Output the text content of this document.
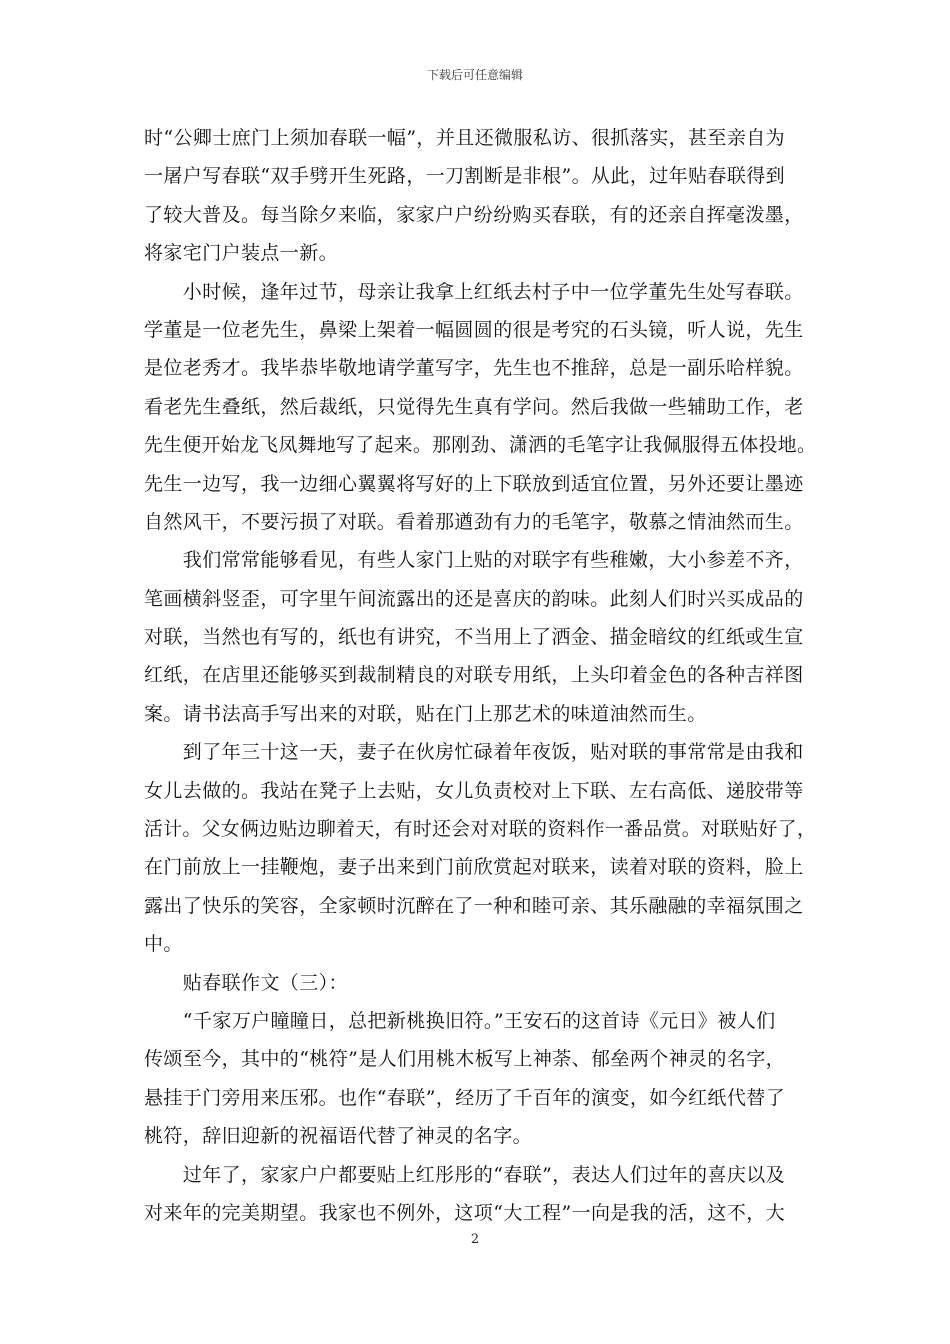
下载后可任意编辑
时“公卿士庶门上须加春联一幅”，并且还微服私访、很抓落实，甚至亲自为
一屠户写春联“双手劈开生死路，一刀割断是非根”。从此，过年贴春联得到
了较大普及。每当除夕来临，家家户户纷纷购买春联，有的还亲自挥毫泼墨，
将家宅门户装点一新。
　　小时候，逢年过节，母亲让我拿上红纸去村子中一位学董先生处写春联。
学董是一位老先生，鼻梁上架着一幅圆圆的很是考究的石头镜，听人说，先生
是位老秀才。我毕恭毕敬地请学董写字，先生也不推辞，总是一副乐哈样貌。
看老先生叠纸，然后裁纸，只觉得先生真有学问。然后我做一些辅助工作，老
先生便开始龙飞凤舞地写了起来。那刚劲、潇洒的毛笔字让我佩服得五体投地。
先生一边写，我一边细心翼翼将写好的上下联放到适宜位置，另外还要让墨迹
自然风干，不要污损了对联。看着那遒劲有力的毛笔字，敬慕之情油然而生。
　　我们常常能够看见，有些人家门上贴的对联字有些稚嫩，大小参差不齐，
笔画横斜竖歪，可字里午间流露出的还是喜庆的韵味。此刻人们时兴买成品的
对联，当然也有写的，纸也有讲究，不当用上了洒金、描金暗纹的红纸或生宣
红纸，在店里还能够买到裁制精良的对联专用纸，上头印着金色的各种吉祥图
案。请书法高手写出来的对联，贴在门上那艺术的味道油然而生。
　　到了年三十这一天，妻子在伙房忙碌着年夜饭，贴对联的事常常是由我和
女儿去做的。我站在凳子上去贴，女儿负责校对上下联、左右高低、递胶带等
活计。父女俩边贴边聊着天，有时还会对对联的资料作一番品赏。对联贴好了，
在门前放上一挂鞭炮，妻子出来到门前欣赏起对联来，读着对联的资料，脸上
露出了快乐的笑容，全家顿时沉醉在了一种和睦可亲、其乐融融的幸福氛围之
中。
　　贴春联作文（三）：
　　“千家万户瞳瞳日，总把新桃换旧符。”王安石的这首诗《元日》被人们
传颂至今，其中的“桃符”是人们用桃木板写上神荼、郁垒两个神灵的名字，
悬挂于门旁用来压邪。也作“春联”，经历了千百年的演变，如今红纸代替了
桃符，辞旧迎新的祝福语代替了神灵的名字。
　　过年了，家家户户都要贴上红彤彤的“春联”，表达人们过年的喜庆以及
对来年的完美期望。我家也不例外，这项“大工程”一向是我的活，这不，大
2
